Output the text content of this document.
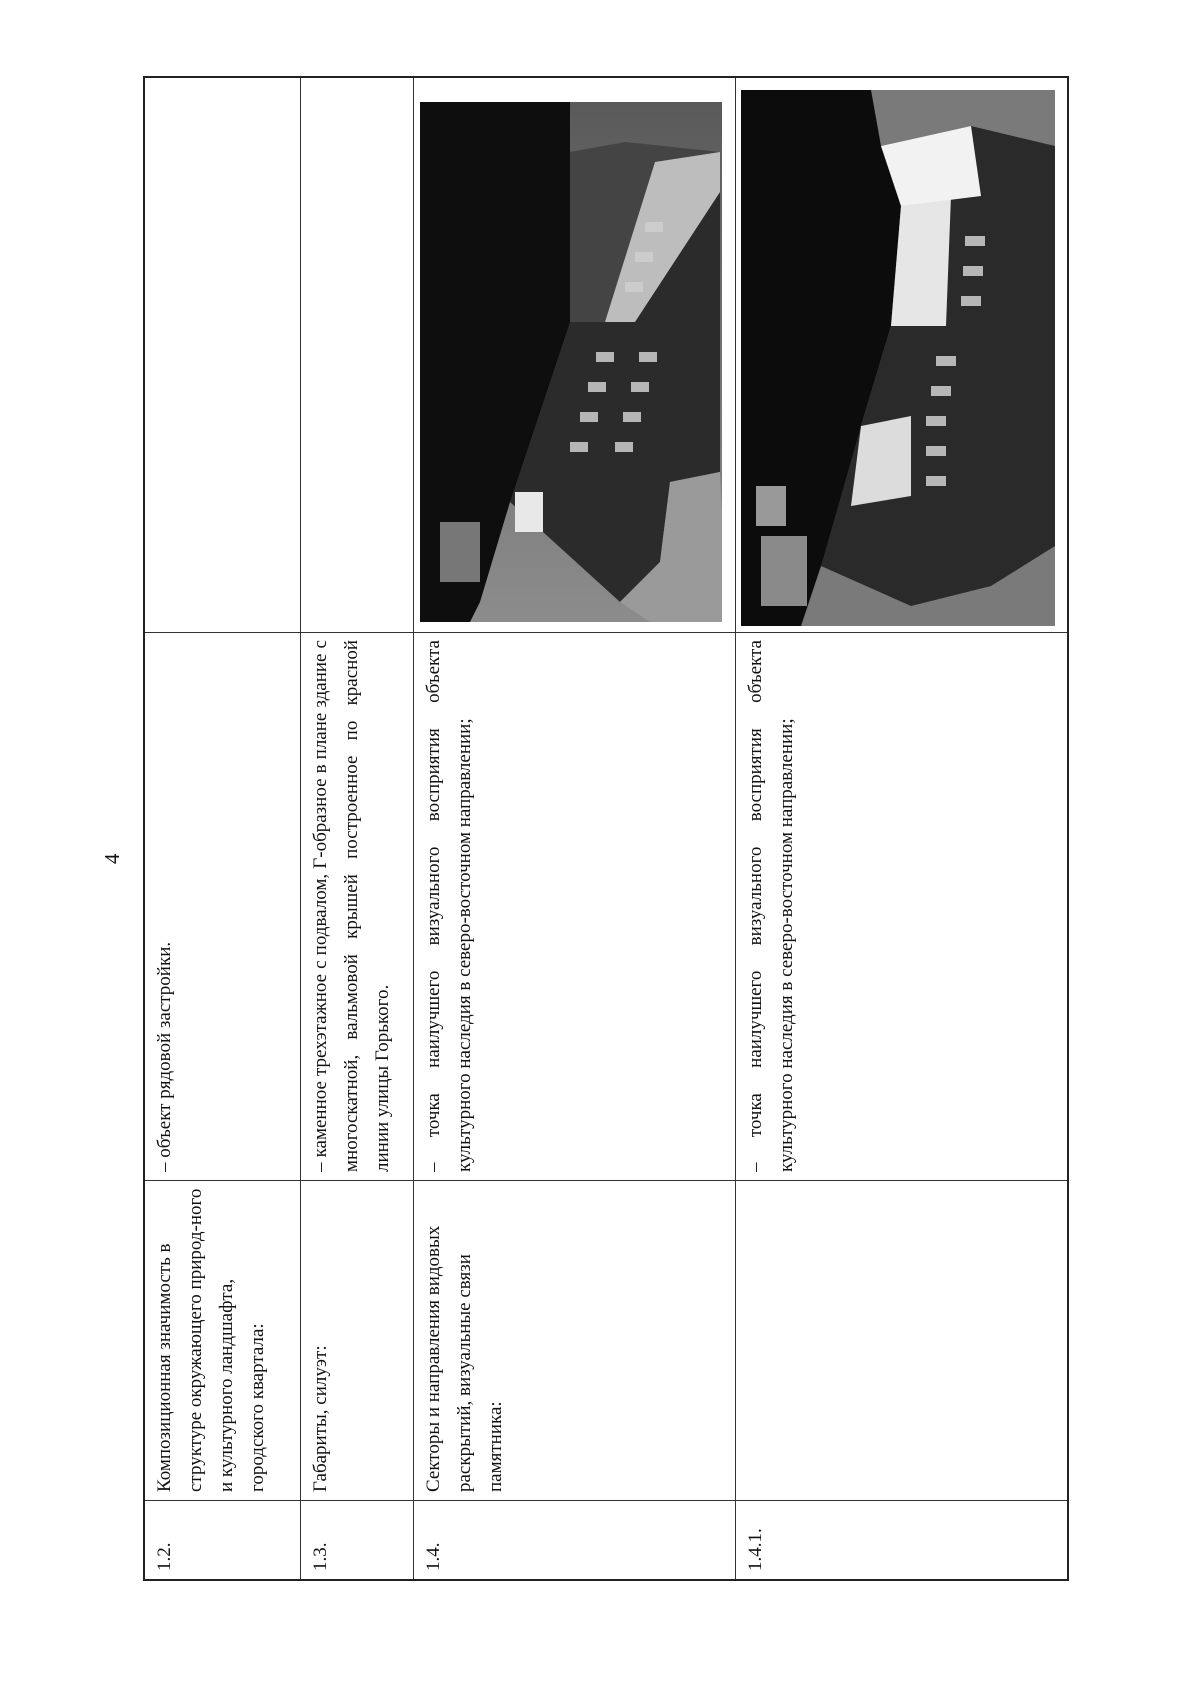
4
1.2.	Композиционная значимость в структуре окружающего природ-ного и культурного ландшафта, городского квартала:	– объект рядовой застройки.	
1.3.	Габариты, силуэт:	– каменное трехэтажное с подвалом, Г-образное в плане здание с многоскатной, вальмовой крышей построенное по красной линии улицы Горького.	
1.4.	Секторы и направления видовых раскрытий, визуальные связи памятника:	– точка наилучшего визуального восприятия объекта культурного наследия в северо-восточном направлении;	

1.4.1.		– точка наилучшего визуального восприятия объекта культурного наследия в северо-восточном направлении;	
